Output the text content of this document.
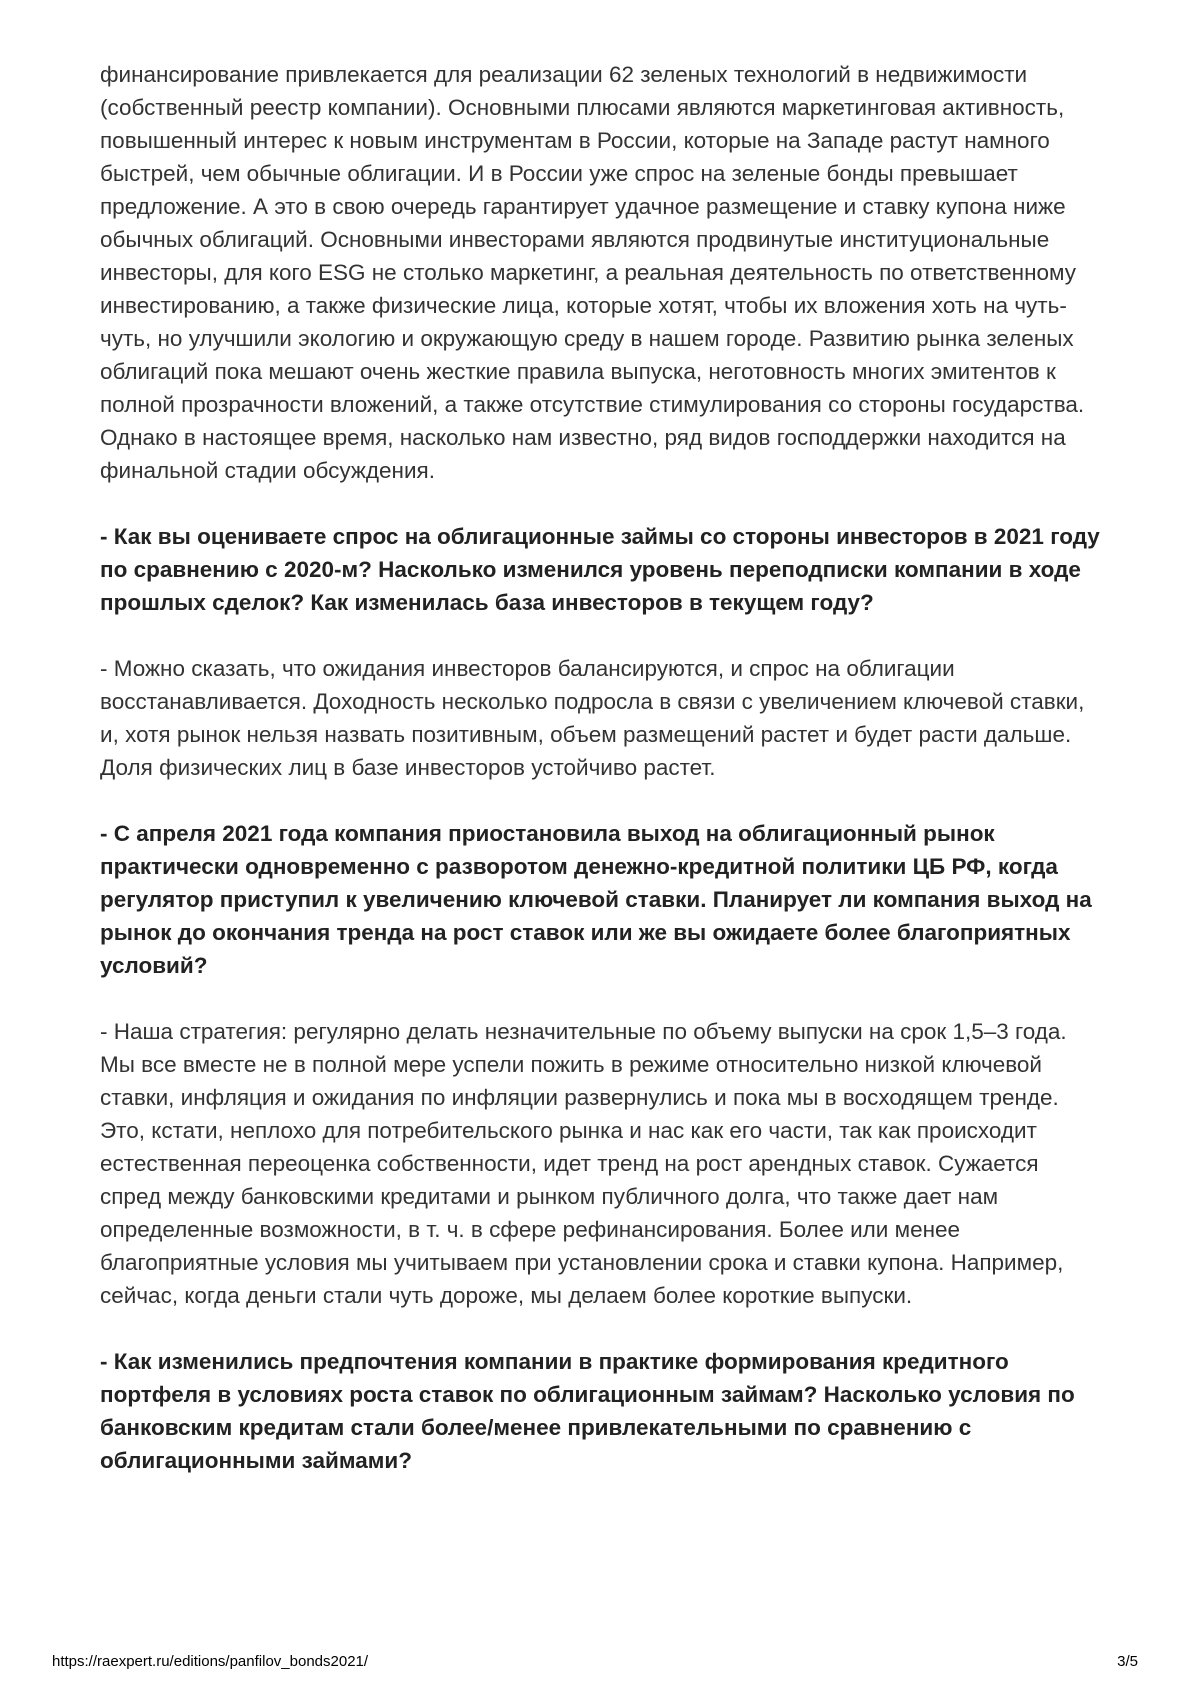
финансирование привлекается для реализации 62 зеленых технологий в недвижимости (собственный реестр компании). Основными плюсами являются маркетинговая активность, повышенный интерес к новым инструментам в России, которые на Западе растут намного быстрей, чем обычные облигации. И в России уже спрос на зеленые бонды превышает предложение. А это в свою очередь гарантирует удачное размещение и ставку купона ниже обычных облигаций. Основными инвесторами являются продвинутые институциональные инвесторы, для кого ESG не столько маркетинг, а реальная деятельность по ответственному инвестированию, а также физические лица, которые хотят, чтобы их вложения хоть на чуть-чуть, но улучшили экологию и окружающую среду в нашем городе. Развитию рынка зеленых облигаций пока мешают очень жесткие правила выпуска, неготовность многих эмитентов к полной прозрачности вложений, а также отсутствие стимулирования со стороны государства. Однако в настоящее время, насколько нам известно, ряд видов господдержки находится на финальной стадии обсуждения.

- Как вы оцениваете спрос на облигационные займы со стороны инвесторов в 2021 году по сравнению с 2020-м? Насколько изменился уровень переподписки компании в ходе прошлых сделок? Как изменилась база инвесторов в текущем году?

- Можно сказать, что ожидания инвесторов балансируются, и спрос на облигации восстанавливается. Доходность несколько подросла в связи с увеличением ключевой ставки, и, хотя рынок нельзя назвать позитивным, объем размещений растет и будет расти дальше. Доля физических лиц в базе инвесторов устойчиво растет.

- С апреля 2021 года компания приостановила выход на облигационный рынок практически одновременно с разворотом денежно-кредитной политики ЦБ РФ, когда регулятор приступил к увеличению ключевой ставки. Планирует ли компания выход на рынок до окончания тренда на рост ставок или же вы ожидаете более благоприятных условий?

- Наша стратегия: регулярно делать незначительные по объему выпуски на срок 1,5–3 года. Мы все вместе не в полной мере успели пожить в режиме относительно низкой ключевой ставки, инфляция и ожидания по инфляции развернулись и пока мы в восходящем тренде. Это, кстати, неплохо для потребительского рынка и нас как его части, так как происходит естественная переоценка собственности, идет тренд на рост арендных ставок. Сужается спред между банковскими кредитами и рынком публичного долга, что также дает нам определенные возможности, в т. ч. в сфере рефинансирования. Более или менее благоприятные условия мы учитываем при установлении срока и ставки купона. Например, сейчас, когда деньги стали чуть дороже, мы делаем более короткие выпуски.

- Как изменились предпочтения компании в практике формирования кредитного портфеля в условиях роста ставок по облигационным займам? Насколько условия по банковским кредитам стали более/менее привлекательными по сравнению с облигационными займами?

https://raexpert.ru/editions/panfilov_bonds2021/	3/5
